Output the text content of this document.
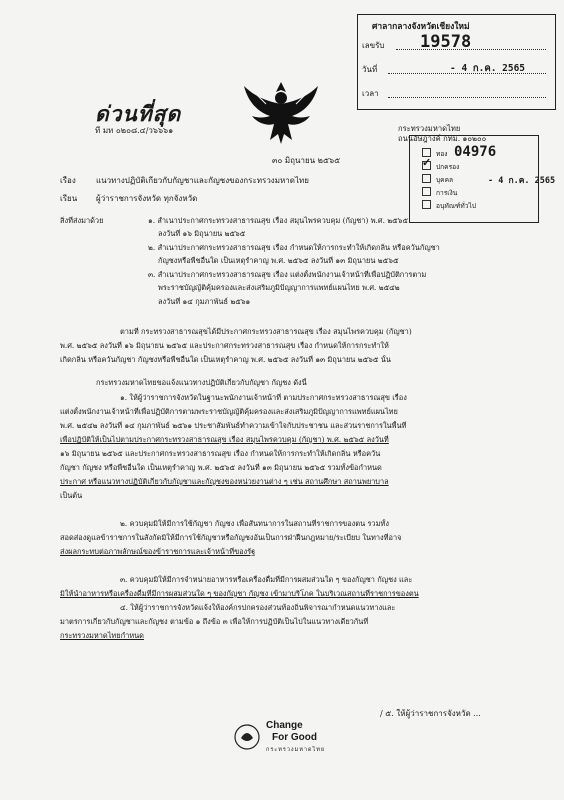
ศาลากลางจังหวัดเชียงใหม่
เลขรับ 19578
วันที่	- 4 ก.ค. 2565
เวลา
ด่วนที่สุด
ที่ มท ๐๒๐๘.๔/ว๖๖๖๑	กระทรวงมหาดไทย
ถนนอัษฎางค์ กทม. ๑๐๒๐๐
04976
ทอง
✓ ปกครอง
บุคคล	- 4 ก.ค. 2565
การเงิน
อนุทัณฑ์ทั่วไป
๓๐ มิถุนายน ๒๕๖๕
เรื่อง	แนวทางปฏิบัติเกี่ยวกับกัญชาและกัญชงของกระทรวงมหาดไทย
เรียน ผู้ว่าราชการจังหวัด ทุกจังหวัด
สิ่งที่ส่งมาด้วย	๑. สำเนาประกาศกระทรวงสาธารณสุข เรื่อง สมุนไพรควบคุม (กัญชา) พ.ศ. ๒๕๖๕
ลงวันที่ ๑๖ มิถุนายน ๒๕๖๕
๒. สำเนาประกาศกระทรวงสาธารณสุข เรื่อง กำหนดให้การกระทำให้เกิดกลิ่น หรือควันกัญชา
กัญชงหรือพืชอื่นใด เป็นเหตุรำคาญ พ.ศ. ๒๕๖๕ ลงวันที่ ๑๓ มิถุนายน ๒๕๖๕
๓. สำเนาประกาศกระทรวงสาธารณสุข เรื่อง แต่งตั้งพนักงานเจ้าหน้าที่เพื่อปฏิบัติการตาม
พระราชบัญญัติคุ้มครองและส่งเสริมภูมิปัญญาการแพทย์แผนไทย พ.ศ. ๒๕๔๒
ลงวันที่ ๑๔ กุมภาพันธ์ ๒๕๖๑
ตามที่ กระทรวงสาธารณสุขได้มีประกาศกระทรวงสาธารณสุข เรื่อง สมุนไพรควบคุม (กัญชา)
พ.ศ. ๒๕๖๕ ลงวันที่ ๑๖ มิถุนายน ๒๕๖๕ และประกาศกระทรวงสาธารณสุข เรื่อง กำหนดให้การกระทำให้
เกิดกลิ่น หรือควันกัญชา กัญชงหรือพืชอื่นใด เป็นเหตุรำคาญ พ.ศ. ๒๕๖๕ ลงวันที่ ๑๓ มิถุนายน ๒๕๖๕ นั้น
กระทรวงมหาดไทยขอแจ้งแนวทางปฏิบัติเกี่ยวกับกัญชา กัญชง ดังนี้
๑. ให้ผู้ว่าราชการจังหวัดในฐานะพนักงานเจ้าหน้าที่ ตามประกาศกระทรวงสาธารณสุข เรื่อง
แต่งตั้งพนักงานเจ้าหน้าที่เพื่อปฏิบัติการตามพระราชบัญญัติคุ้มครองและส่งเสริมภูมิปัญญาการแพทย์แผนไทย
พ.ศ. ๒๕๔๒ ลงวันที่ ๑๔ กุมภาพันธ์ ๒๕๖๑ ประชาสัมพันธ์ทำความเข้าใจกับประชาชน และส่วนราชการในพื้นที่
เพื่อปฏิบัติให้เป็นไปตามประกาศกระทรวงสาธารณสุข เรื่อง สมุนไพรควบคุม (กัญชา) พ.ศ. ๒๕๖๕ ลงวันที่
๑๖ มิถุนายน ๒๕๖๕ และประกาศกระทรวงสาธารณสุข เรื่อง กำหนดให้การกระทำให้เกิดกลิ่น หรือควัน
กัญชา กัญชง หรือพืชอื่นใด เป็นเหตุรำคาญ พ.ศ. ๒๕๖๕ ลงวันที่ ๑๓ มิถุนายน ๒๕๖๕ รวมทั้งข้อกำหนด
ประกาศ หรือแนวทางปฏิบัติเกี่ยวกับกัญชาและกัญชงของหน่วยงานต่าง ๆ เช่น สถานศึกษา สถานพยาบาล
เป็นต้น
๒. ควบคุมมิให้มีการใช้กัญชา กัญชง เพื่อสันทนาการในสถานที่ราชการของตน รวมทั้ง
สอดส่องดูแลข้าราชการในสังกัดมิให้มีการใช้กัญชาหรือกัญชงอันเป็นการฝ่าฝืนกฎหมาย/ระเบียบ ในทางที่อาจ
ส่งผลกระทบต่อภาพลักษณ์ของข้าราชการและเจ้าหน้าที่ของรัฐ
๓. ควบคุมมิให้มีการจำหน่ายอาหารหรือเครื่องดื่มที่มีการผสมส่วนใด ๆ ของกัญชา กัญชง และ
มิให้นำอาหารหรือเครื่องดื่มที่มีการผสมส่วนใด ๆ ของกัญชา กัญชง เข้ามาบริโภค ในบริเวณสถานที่ราชการของตน
๔. ให้ผู้ว่าราชการจังหวัดแจ้งให้องค์กรปกครองส่วนท้องถิ่นพิจารณากำหนดแนวทางและ
มาตรการเกี่ยวกับกัญชาและกัญชง ตามข้อ ๑ ถึงข้อ ๓ เพื่อให้การปฏิบัติเป็นไปในแนวทางเดียวกันที่
กระทรวงมหาดไทยกำหนด
/ ๕. ให้ผู้ว่าราชการจังหวัด ...
Change
For Good
กระทรวงมหาดไทย
